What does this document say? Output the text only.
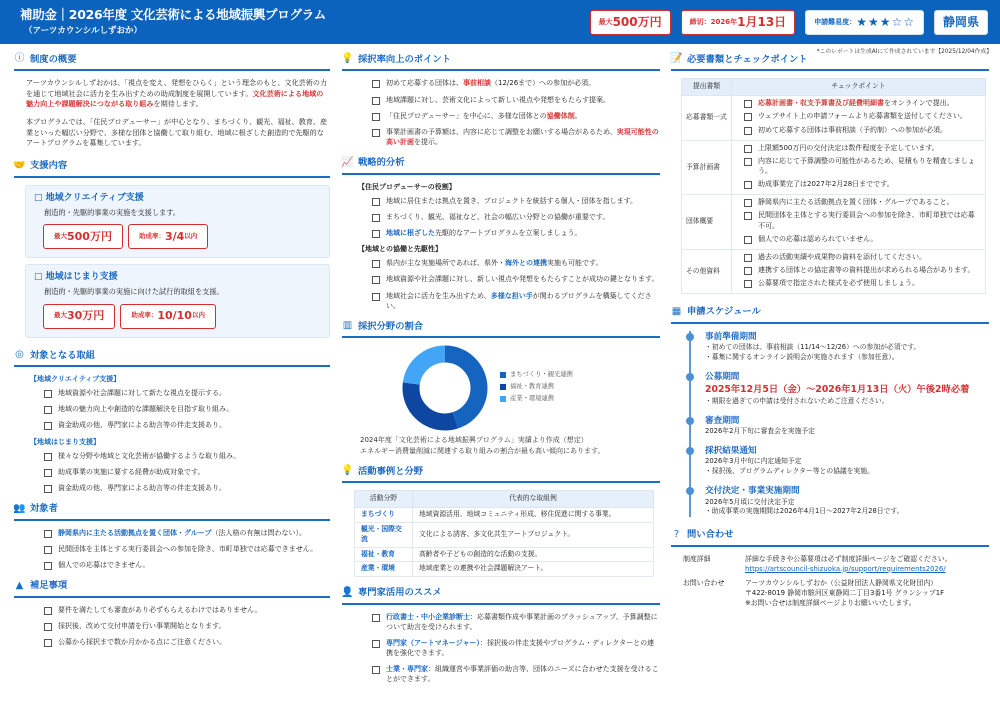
補助金｜2026年度 文化芸術による地域振興プログラム
（アーツカウンシルしずおか）
最大 500万円	締切：2026年 1月13日	申請難易度： ★★★☆☆ 静岡県
*このレポートは生成AIにて作成されています【2025/12/04作成】
ⓘ 制度の概要

アーツカウンシルしずおかは、「視点を変え、発想をひらく」という理念のもと、文化芸術の力を通じて地域社会に活力を生み出すための助成制度を展開しています。文化芸術による地域の魅力向上や課題解決につながる取り組みを期待します。

本プログラムでは、「住民プロデューサー」が中心となり、まちづくり、観光、福祉、教育、産業といった幅広い分野で、多様な団体と協働して取り組む、地域に根ざした創造的で先駆的なアートプログラムを募集しています。

🤝 支援内容
□ 地域クリエイティブ支援
創造的・先駆的事業の実施を支援します。
最大 500万円	助成率： 3/4 以内
□ 地域はじまり支援
創造的・先駆的事業の実施に向けた試行的取組を支援。
最大 30万円	助成率： 10/10 以内
◎ 対象となる取組
【地域クリエイティブ支援】
地域資源や社会課題に対して新たな視点を提示する。
地域の魅力向上や創造的な課題解決を目指す取り組み。
資金助成の他、専門家による助言等の伴走支援あり。
【地域はじまり支援】
様々な分野や地域と文化芸術が協働するような取り組み。
助成事業の実施に要する経費が助成対象です。
資金助成の他、専門家による助言等の伴走支援あり。
👥 対象者
静岡県内に主たる活動拠点を置く団体・グループ（法人格の有無は問わない）。
民間団体を主体とする実行委員会への参加を除き、市町単独では応募できません。
個人での応募はできません。
▲ 補足事項
要件を満たしても審査があり必ずもらえるわけではありません。
採択後、改めて交付申請を行い事業開始となります。
公募から採択まで数か月かかる点にご注意ください。
💡 採択率向上のポイント
初めて応募する団体は、事前相談（12/26まで）への参加が必須。
地域課題に対し、芸術文化によって新しい視点や発想をもたらす提案。
「住民プロデューサー」を中心に、多様な団体との協働体制。
事業計画書の予算額は、内容に応じて調整をお願いする場合があるため、実現可能性の高い計画を提示。
📈 戦略的分析
【住民プロデューサーの役割】
地域に居住または拠点を置き、プロジェクトを統括する個人・団体を指します。
まちづくり、観光、福祉など、社会の幅広い分野との協働が重要です。
地域に根ざした先駆的なアートプログラムを立案しましょう。
【地域との協働と先駆性】
県内が主な実施場所であれば、県外・海外との連携実施も可能です。
地域資源や社会課題に対し、新しい視点や発想をもたらすことが成功の鍵となります。
地域社会に活力を生み出すため、多様な担い手が関わるプログラムを構築してください。
▥ 採択分野の割合
まちづくり・観光連携
福祉・教育連携
産業・環境連携
2024年度「文化芸術による地域振興プログラム」実績より作成（想定）
エネルギー消費量削減に関連する取り組みの割合が最も高い傾向にあります。
💡 活動事例と分野
活動分野	代表的な取組例
まちづくり	地域資源活用、地域コミュニティ形成、移住促進に関する事業。
観光・国際交流	文化による誘客、多文化共生アートプロジェクト。
福祉・教育	高齢者や子どもの創造的な活動の支援。
産業・環境	地域産業との連携や社会課題解決アート。
👤 専門家活用のススメ
行政書士・中小企業診断士：応募書類作成や事業計画のブラッシュアップ、予算調整について助言を受けられます。
専門家（アートマネージャー）：採択後の伴走支援やプログラム・ディレクターとの連携を強化できます。
士業・専門家：組織運営や事業評価の助言等、団体のニーズに合わせた支援を受けることができます。
📝 必要書類とチェックポイント
提出書類	チェックポイント
応募書類一式	
応募計画書・収支予算書及び経費明細書をオンラインで提出。
ウェブサイト上の申請フォームより応募書類を送付してください。
初めて応募する団体は事前相談（予約制）への参加が必須。

予算計画書	
上限額500万円の交付決定は数件程度を予定しています。
内容に応じて予算調整の可能性があるため、見積もりを精査しましょう。
助成事業完了は2027年2月28日までです。

団体概要	
静岡県内に主たる活動拠点を置く団体・グループであること。
民間団体を主体とする実行委員会への参加を除き、市町単独では応募不可。
個人での応募は認められていません。

その他資料	
過去の活動実績や成果物の資料を添付してください。
連携する団体との協定書等の資料提出が求められる場合があります。
公募要項で指定された様式を必ず使用しましょう。
▦ 申請スケジュール
事前準備期間
・初めての団体は、事前相談（11/14〜12/26）への参加が必須です。
・募集に関するオンライン説明会が実施されます（参加任意）。
公募期間
2025年12月5日（金）〜2026年1月13日（火）午後2時必着
・期限を過ぎての申請は受付されないためご注意ください。
審査期間
2026年2月下旬に審査会を実施予定
採択結果通知
2026年3月中旬に内定通知予定
・採択後、プログラムディレクター等との協議を実施。
交付決定・事業実施期間
2026年5月頃に交付決定予定
・助成事業の実施期間は2026年4月1日〜2027年2月28日です。
? 問い合わせ
制度詳細	詳細な手続きや公募要項は必ず制度詳細ページをご確認ください。
https://artscouncil-shizuoka.jp/support/requirements2026/
お問い合わせ	アーツカウンシルしずおか（公益財団法人静岡県文化財団内）
〒422-8019 静岡市駿河区東静岡二丁目3番1号 グランシップ1F
※お問い合せは制度詳細ページよりお願いいたします。
